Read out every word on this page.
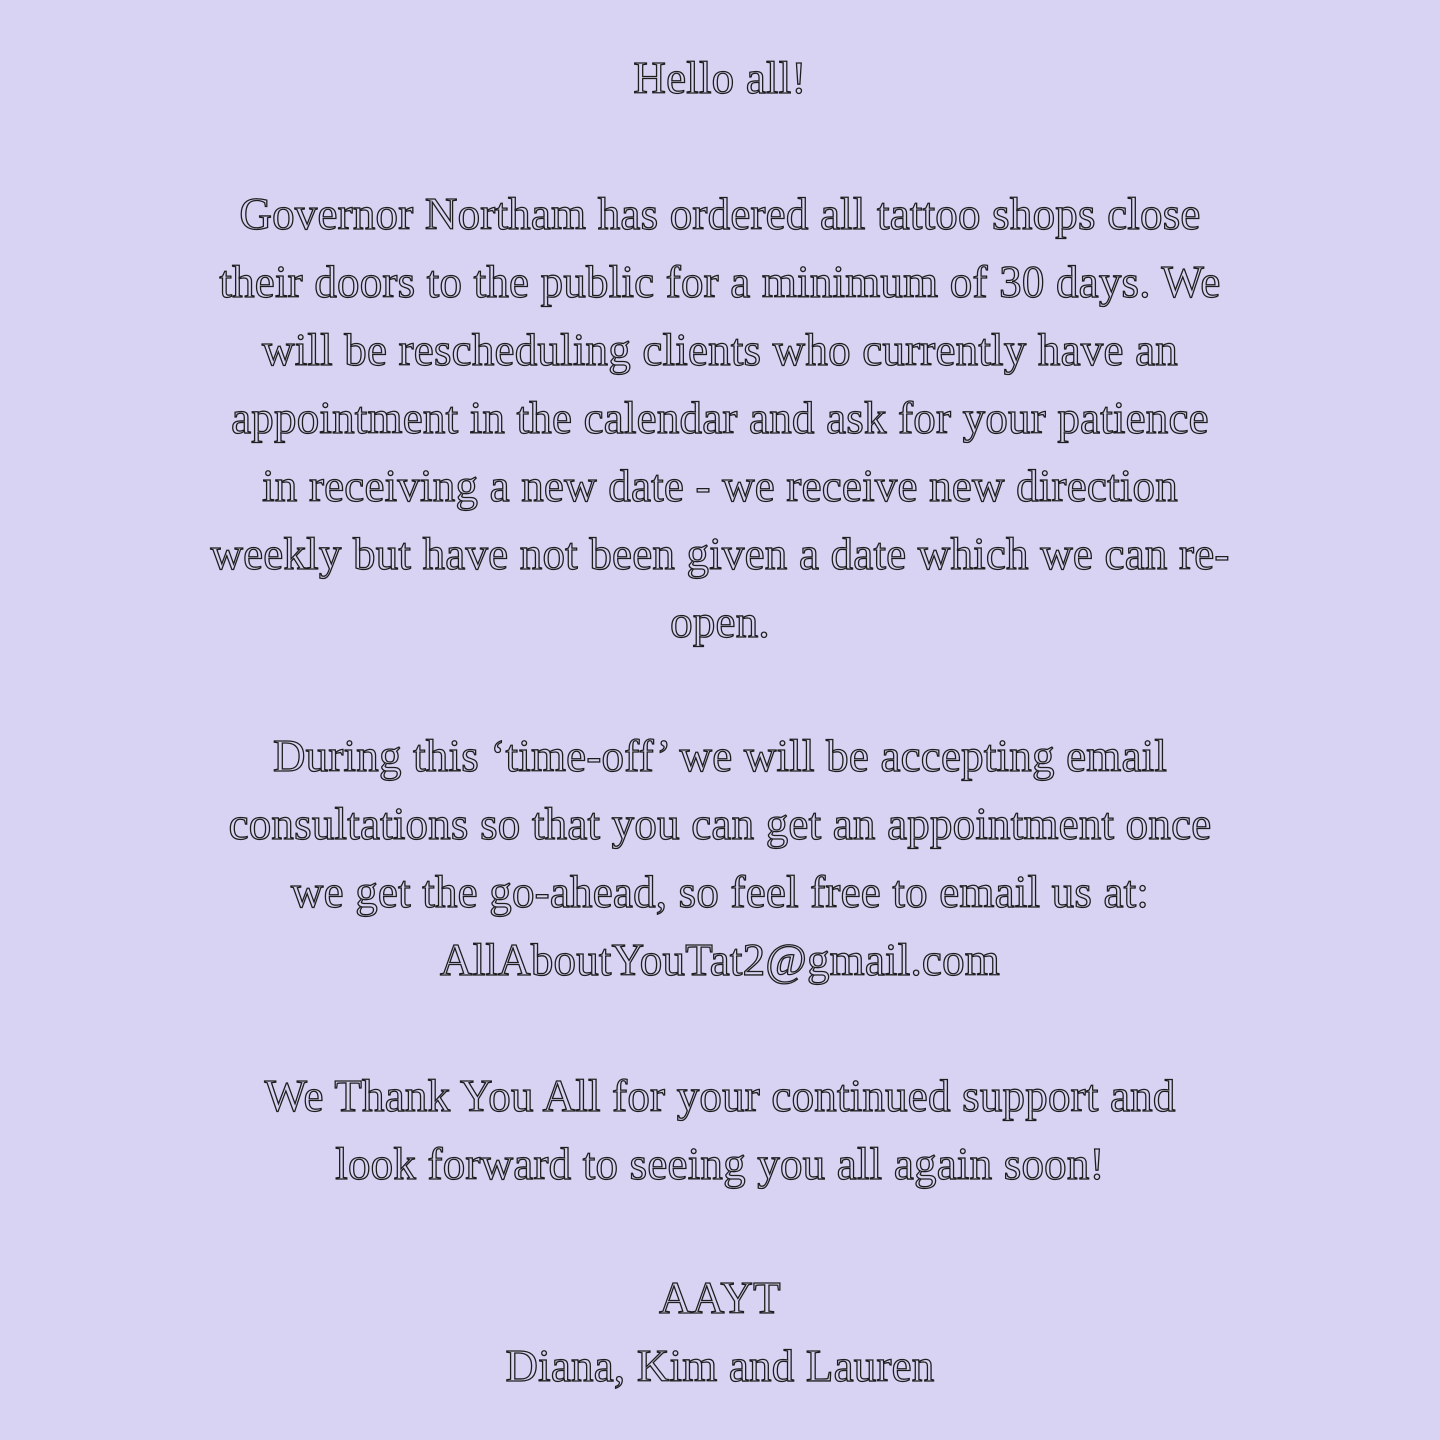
Hello all!
Governor Northam has ordered all tattoo shops close
their doors to the public for a minimum of 30 days. We
will be rescheduling clients who currently have an
appointment in the calendar and ask for your patience
in receiving a new date - we receive new direction
weekly but have not been given a date which we can re-
open.
During this ‘time-off’ we will be accepting email
consultations so that you can get an appointment once
we get the go-ahead, so feel free to email us at:
AllAboutYouTat2@gmail.com
We Thank You All for your continued support and
look forward to seeing you all again soon!
AAYT
Diana, Kim and Lauren
